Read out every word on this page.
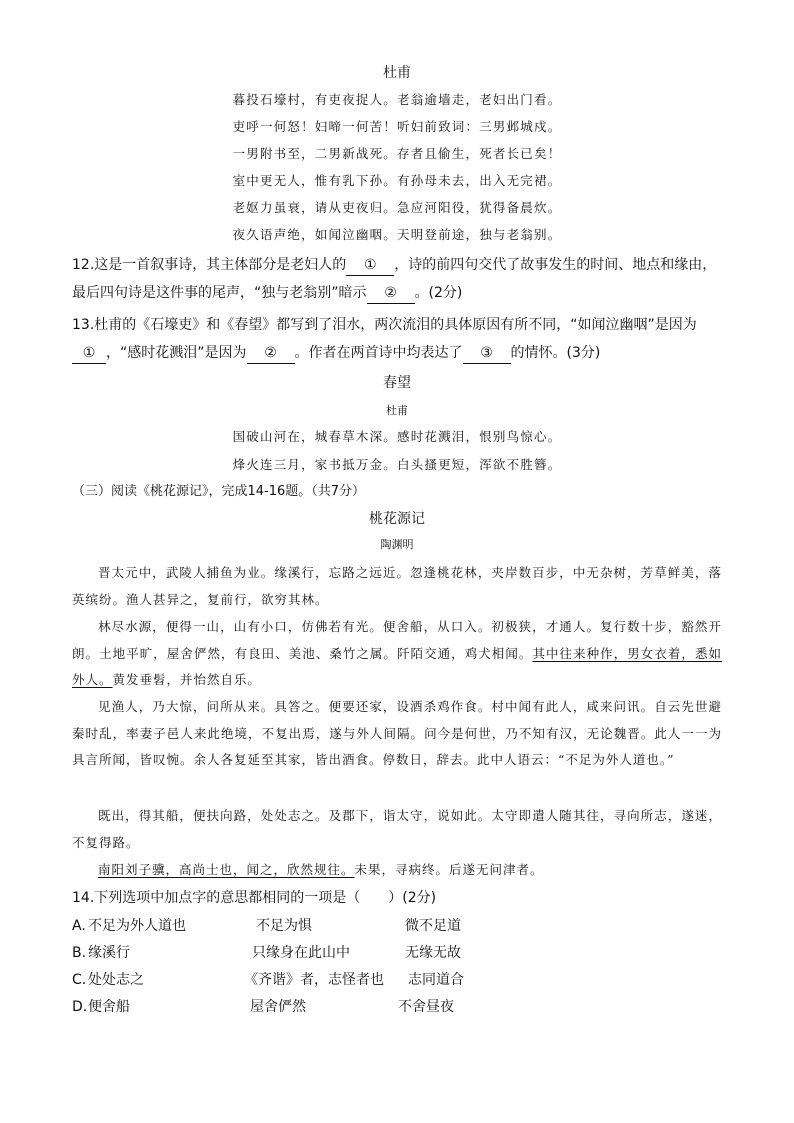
杜甫
暮投石壕村，有吏夜捉人。老翁逾墙走，老妇出门看。
吏呼一何怒！妇啼一何苦！听妇前致词：三男邺城戍。
一男附书至，二男新战死。存者且偷生，死者长已矣！
室中更无人，惟有乳下孙。有孙母未去，出入无完裙。
老妪力虽衰，请从吏夜归。急应河阳役，犹得备晨炊。
夜久语声绝，如闻泣幽咽。天明登前途，独与老翁别。
12.这是一首叙事诗，其主体部分是老妇人的 ① ，诗的前四句交代了故事发生的时间、地点和缘由，
最后四句诗是这件事的尾声，“独与老翁别”暗示 ② 。(2分)
13.杜甫的《石壕吏》和《春望》都写到了泪水，两次流泪的具体原因有所不同，“如闻泣幽咽”是因为
① ，“感时花溅泪”是因为 ② 。作者在两首诗中均表达了 ③ 的情怀。(3分)
春望
杜甫
国破山河在，城春草木深。感时花溅泪，恨别鸟惊心。
烽火连三月，家书抵万金。白头搔更短，浑欲不胜簪。
（三）阅读《桃花源记》，完成14-16题。（共7分）
桃花源记
陶渊明
晋太元中，武陵人捕鱼为业。缘溪行，忘路之远近。忽逢桃花林，夹岸数百步，中无杂树，芳草鲜美，落英缤纷。渔人甚异之，复前行，欲穷其林。
林尽水源，便得一山，山有小口，仿佛若有光。便舍船，从口入。初极狭，才通人。复行数十步，豁然开朗。土地平旷，屋舍俨然，有良田、美池、桑竹之属。阡陌交通，鸡犬相闻。其中往来种作，男女衣着，悉如外人。黄发垂髫，并怡然自乐。
见渔人，乃大惊，问所从来。具答之。便要还家，设酒杀鸡作食。村中闻有此人，咸来问讯。自云先世避秦时乱，率妻子邑人来此绝境，不复出焉，遂与外人间隔。问今是何世，乃不知有汉，无论魏晋。此人一一为具言所闻，皆叹惋。余人各复延至其家，皆出酒食。停数日，辞去。此中人语云：“不足为外人道也。”
既出，得其船，便扶向路，处处志之。及郡下，诣太守，说如此。太守即遣人随其往，寻向所志，遂迷，不复得路。
南阳刘子骥，高尚士也，闻之，欣然规往。未果，寻病终。后遂无问津者。
14.下列选项中加点字的意思都相同的一项是（　　）(2分)
A. 不足为外人道也	不足为惧	微不足道
B. 缘溪行	只缘身在此山中	无缘无故
C. 处处志之	《齐谐》者，志怪者也 志同道合
D. 便舍船	屋舍俨然	不舍昼夜
